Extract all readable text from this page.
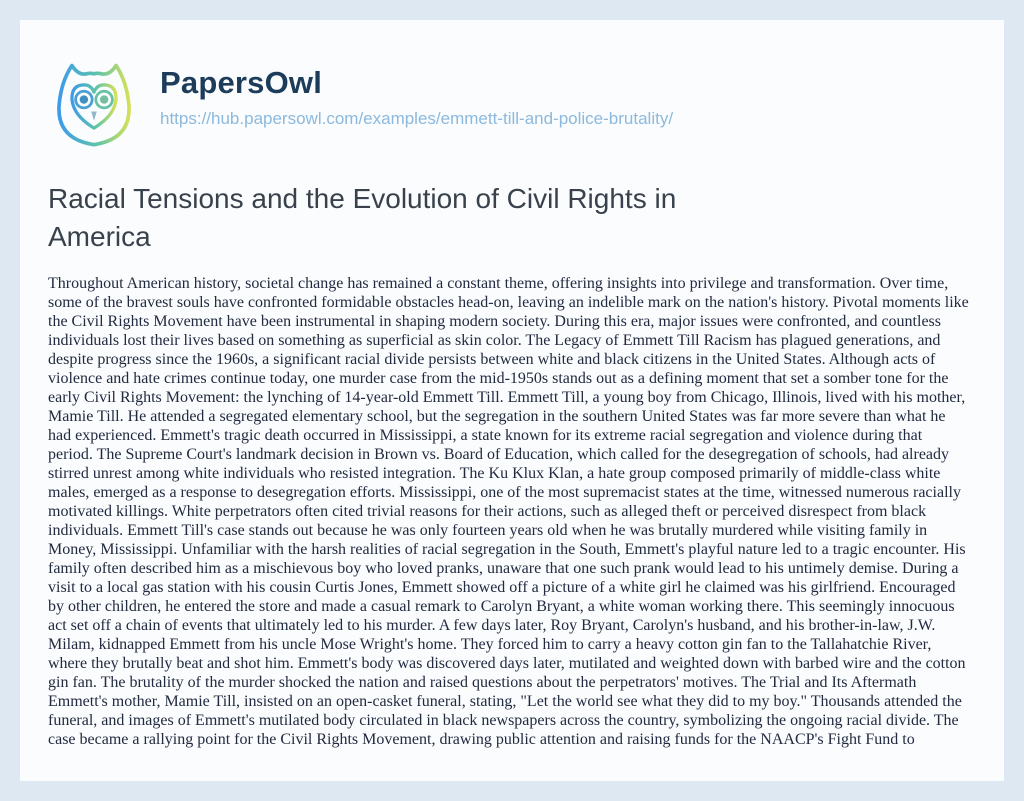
PapersOwl
https://hub.papersowl.com/examples/emmett-till-and-police-brutality/
Racial Tensions and the Evolution of Civil Rights in America

Throughout American history, societal change has remained a constant theme, offering insights into privilege and transformation. Over time, some of the bravest souls have confronted formidable obstacles head-on, leaving an indelible mark on the nation's history. Pivotal moments like the Civil Rights Movement have been instrumental in shaping modern society. During this era, major issues were confronted, and countless individuals lost their lives based on something as superficial as skin color. The Legacy of Emmett Till Racism has plagued generations, and despite progress since the 1960s, a significant racial divide persists between white and black citizens in the United States. Although acts of violence and hate crimes continue today, one murder case from the mid-1950s stands out as a defining moment that set a somber tone for the early Civil Rights Movement: the lynching of 14-year-old Emmett Till. Emmett Till, a young boy from Chicago, Illinois, lived with his mother, Mamie Till. He attended a segregated elementary school, but the segregation in the southern United States was far more severe than what he had experienced. Emmett's tragic death occurred in Mississippi, a state known for its extreme racial segregation and violence during that period. The Supreme Court's landmark decision in Brown vs. Board of Education, which called for the desegregation of schools, had already stirred unrest among white individuals who resisted integration. The Ku Klux Klan, a hate group composed primarily of middle-class white males, emerged as a response to desegregation efforts. Mississippi, one of the most supremacist states at the time, witnessed numerous racially motivated killings. White perpetrators often cited trivial reasons for their actions, such as alleged theft or perceived disrespect from black individuals. Emmett Till's case stands out because he was only fourteen years old when he was brutally murdered while visiting family in Money, Mississippi. Unfamiliar with the harsh realities of racial segregation in the South, Emmett's playful nature led to a tragic encounter. His family often described him as a mischievous boy who loved pranks, unaware that one such prank would lead to his untimely demise. During a visit to a local gas station with his cousin Curtis Jones, Emmett showed off a picture of a white girl he claimed was his girlfriend. Encouraged by other children, he entered the store and made a casual remark to Carolyn Bryant, a white woman working there. This seemingly innocuous act set off a chain of events that ultimately led to his murder. A few days later, Roy Bryant, Carolyn's husband, and his brother-in-law, J.W. Milam, kidnapped Emmett from his uncle Mose Wright's home. They forced him to carry a heavy cotton gin fan to the Tallahatchie River, where they brutally beat and shot him. Emmett's body was discovered days later, mutilated and weighted down with barbed wire and the cotton gin fan. The brutality of the murder shocked the nation and raised questions about the perpetrators' motives. The Trial and Its Aftermath Emmett's mother, Mamie Till, insisted on an open-casket funeral, stating, "Let the world see what they did to my boy." Thousands attended the funeral, and images of Emmett's mutilated body circulated in black newspapers across the country, symbolizing the ongoing racial divide. The case became a rallying point for the Civil Rights Movement, drawing public attention and raising funds for the NAACP's Fight Fund to
